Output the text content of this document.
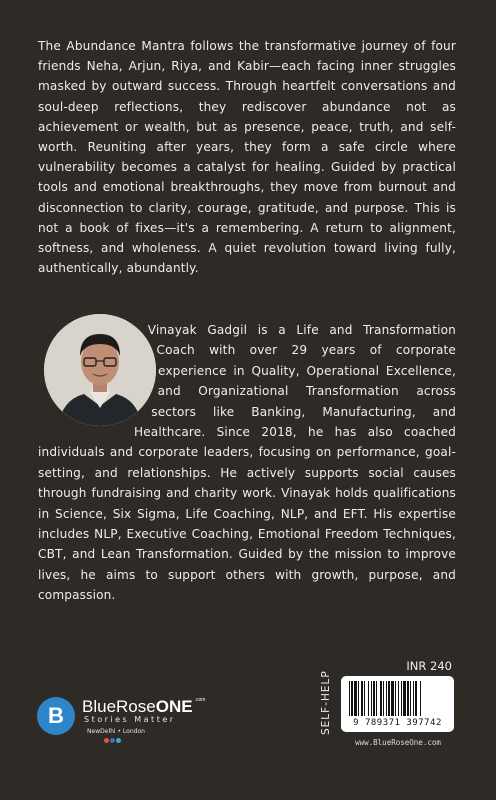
The Abundance Mantra follows the transformative journey of four friends Neha, Arjun, Riya, and Kabir—each facing inner struggles masked by outward success. Through heartfelt conversations and soul-deep reflections, they rediscover abundance not as achievement or wealth, but as presence, peace, truth, and self-worth. Reuniting after years, they form a safe circle where vulnerability becomes a catalyst for healing. Guided by practical tools and emotional breakthroughs, they move from burnout and disconnection to clarity, courage, gratitude, and purpose. This is not a book of fixes—it's a remembering. A return to alignment, softness, and wholeness. A quiet revolution toward living fully, authentically, abundantly.

Vinayak Gadgil is a Life and Transformation Coach with over 29 years of corporate experience in Quality, Operational Excellence, and Organizational Transformation across sectors like Banking, Manufacturing, and Healthcare. Since 2018, he has also coached individuals and corporate leaders, focusing on performance, goal-setting, and relationships. He actively supports social causes through fundraising and charity work. Vinayak holds qualifications in Science, Six Sigma, Life Coaching, NLP, and EFT. His expertise includes NLP, Executive Coaching, Emotional Freedom Techniques, CBT, and Lean Transformation. Guided by the mission to improve lives, he aims to support others with growth, purpose, and compassion.

INR 240
SELF-HELP	9 789371 397742
www.BlueRoseOne.com
B	BlueRoseONE $^{.com}$
Stories Matter
NewDelhi • London
